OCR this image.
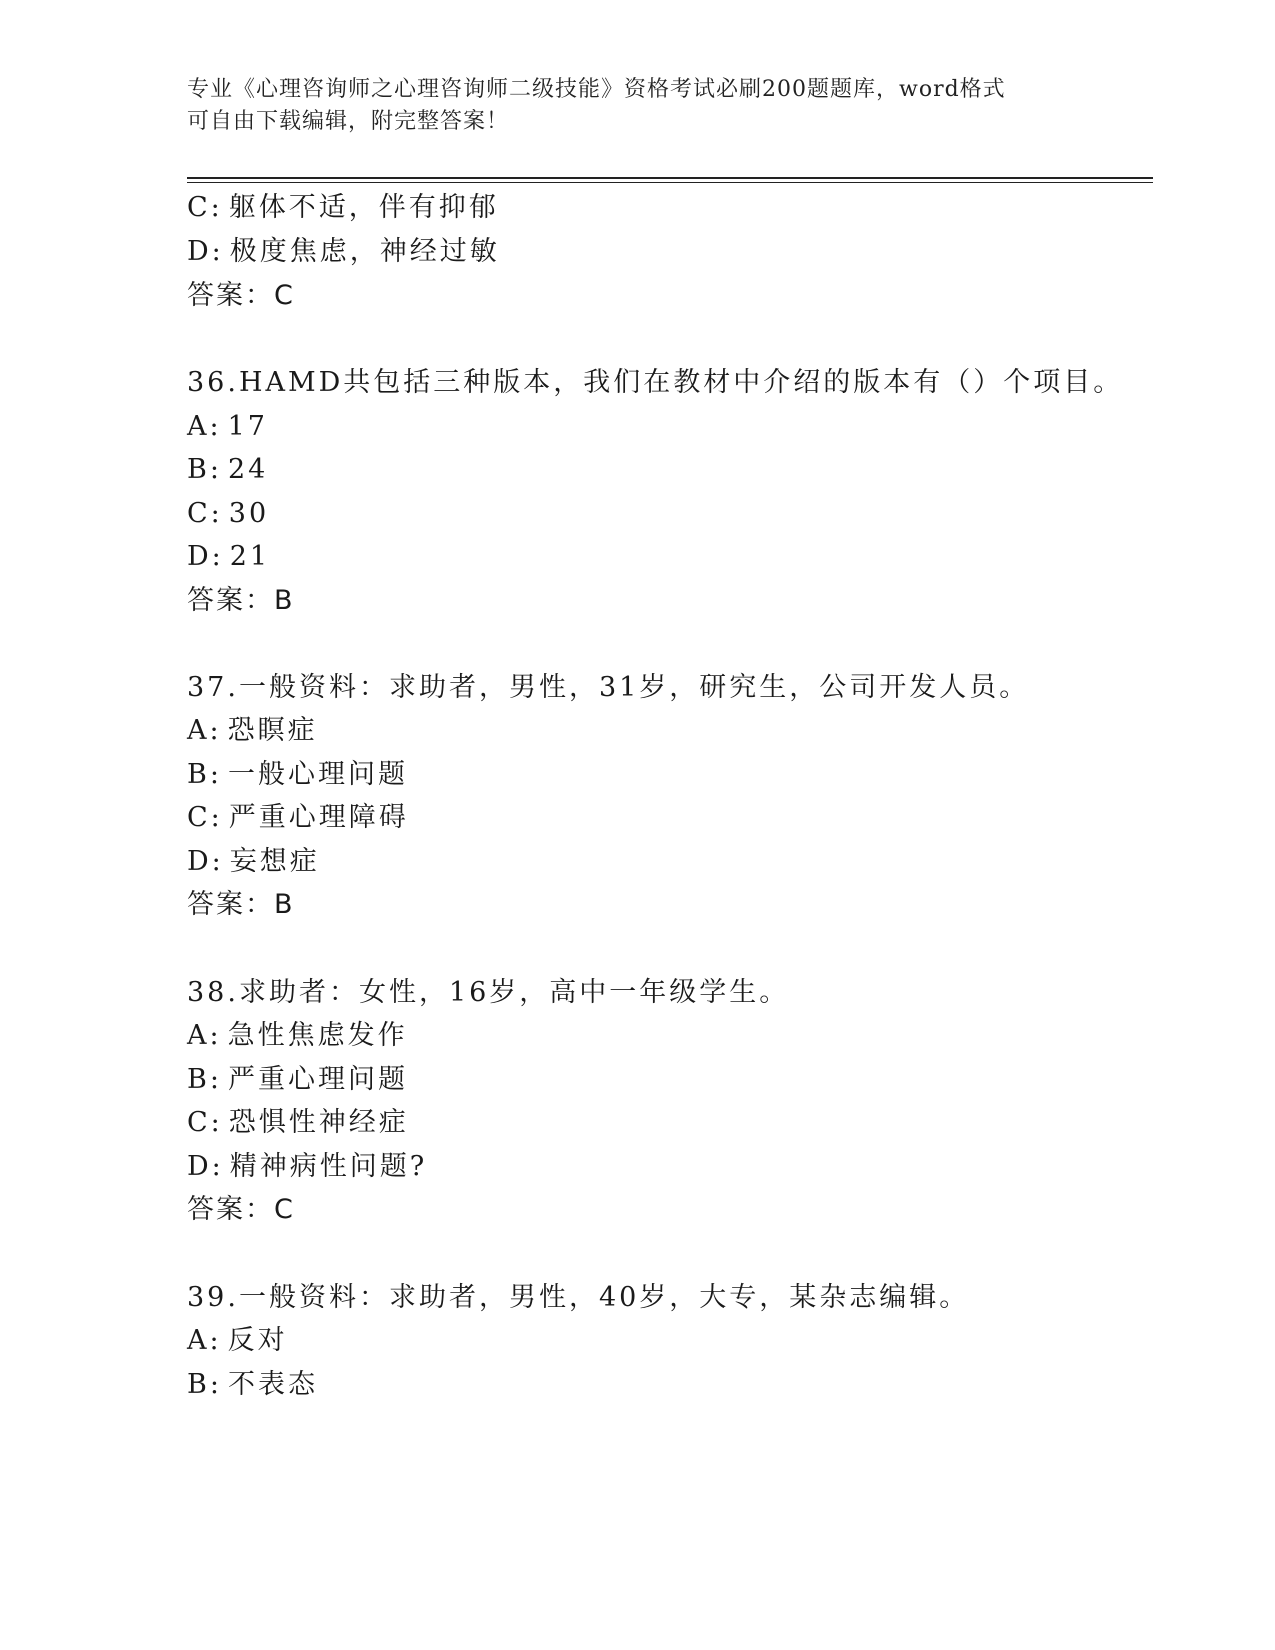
专业《心理咨询师之心理咨询师二级技能》资格考试必刷200题题库，word格式
可自由下载编辑，附完整答案！
C: 躯体不适，伴有抑郁
D: 极度焦虑，神经过敏
答案：C
36.HAMD共包括三种版本，我们在教材中介绍的版本有（）个项目。
A: 17
B: 24
C: 30
D: 21
答案：B
37.一般资料：求助者，男性，31岁，研究生，公司开发人员。
A: 恐瞑症
B: 一般心理问题
C: 严重心理障碍
D: 妄想症
答案：B
38.求助者：女性，16岁，高中一年级学生。
A: 急性焦虑发作
B: 严重心理问题
C: 恐惧性神经症
D: 精神病性问题?
答案：C
39.一般资料：求助者，男性，40岁，大专，某杂志编辑。
A: 反对
B: 不表态
